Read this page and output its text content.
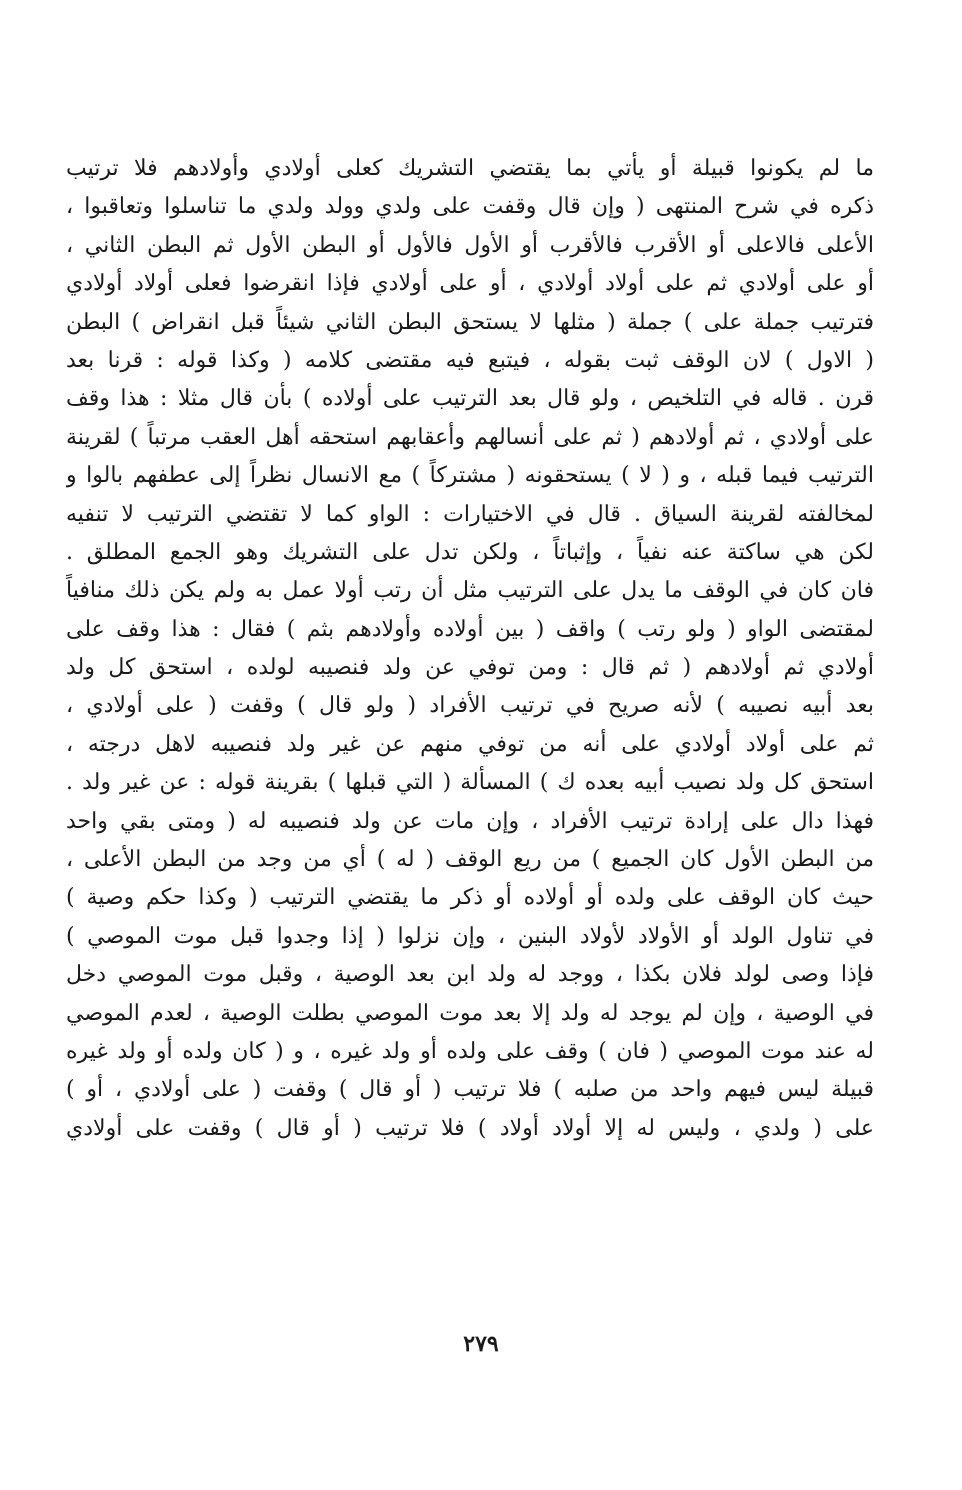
ما لم يكونوا قبيلة أو يأتي بما يقتضي التشريك كعلى أولادي وأولادهم فلا ترتيب
ذكره في شرح المنتهى ( وإن قال وقفت على ولدي وولد ولدي ما تناسلوا وتعاقبوا ،
الأعلى فالاعلى أو الأقرب فالأقرب أو الأول فالأول أو البطن الأول ثم البطن الثاني ،
أو على أولادي ثم على أولاد أولادي ، أو على أولادي فإذا انقرضوا فعلى أولاد أولادي
فترتيب جملة على ) جملة ( مثلها لا يستحق البطن الثاني شيئاً قبل انقراض ) البطن
( الاول ) لان الوقف ثبت بقوله ، فيتبع فيه مقتضى كلامه ( وكذا قوله : قرنا بعد
قرن . قاله في التلخيص ، ولو قال بعد الترتيب على أولاده ) بأن قال مثلا : هذا وقف
على أولادي ، ثم أولادهم ( ثم على أنسالهم وأعقابهم استحقه أهل العقب مرتباً ) لقرينة
الترتيب فيما قبله ، و ( لا ) يستحقونه ( مشتركاً ) مع الانسال نظراً إلى عطفهم بالوا و
لمخالفته لقرينة السياق . قال في الاختيارات : الواو كما لا تقتضي الترتيب لا تنفيه
لكن هي ساكتة عنه نفياً ، وإثباتاً ، ولكن تدل على التشريك وهو الجمع المطلق .
فان كان في الوقف ما يدل على الترتيب مثل أن رتب أولا عمل به ولم يكن ذلك منافياً
لمقتضى الواو ( ولو رتب ) واقف ( بين أولاده وأولادهم بثم ) فقال : هذا وقف على
أولادي ثم أولادهم ( ثم قال : ومن توفي عن ولد فنصيبه لولده ، استحق كل ولد
بعد أبيه نصيبه ) لأنه صريح في ترتيب الأفراد ( ولو قال ) وقفت ( على أولادي ،
ثم على أولاد أولادي على أنه من توفي منهم عن غير ولد فنصيبه لاهل درجته ،
استحق كل ولد نصيب أبيه بعده ك ) المسألة ( التي قبلها ) بقرينة قوله : عن غير ولد .
فهذا دال على إرادة ترتيب الأفراد ، وإن مات عن ولد فنصيبه له ( ومتى بقي واحد
من البطن الأول كان الجميع ) من ريع الوقف ( له ) أي من وجد من البطن الأعلى ،
حيث كان الوقف على ولده أو أولاده أو ذكر ما يقتضي الترتيب ( وكذا حكم وصية )
في تناول الولد أو الأولاد لأولاد البنين ، وإن نزلوا ( إذا وجدوا قبل موت الموصي )
فإذا وصى لولد فلان بكذا ، ووجد له ولد ابن بعد الوصية ، وقبل موت الموصي دخل
في الوصية ، وإن لم يوجد له ولد إلا بعد موت الموصي بطلت الوصية ، لعدم الموصي
له عند موت الموصي ( فان ) وقف على ولده أو ولد غيره ، و ( كان ولده أو ولد غيره
قبيلة ليس فيهم واحد من صلبه ) فلا ترتيب ( أو قال ) وقفت ( على أولادي ، أو )
على ( ولدي ، وليس له إلا أولاد أولاد ) فلا ترتيب ( أو قال ) وقفت على أولادي
٢٧٩
